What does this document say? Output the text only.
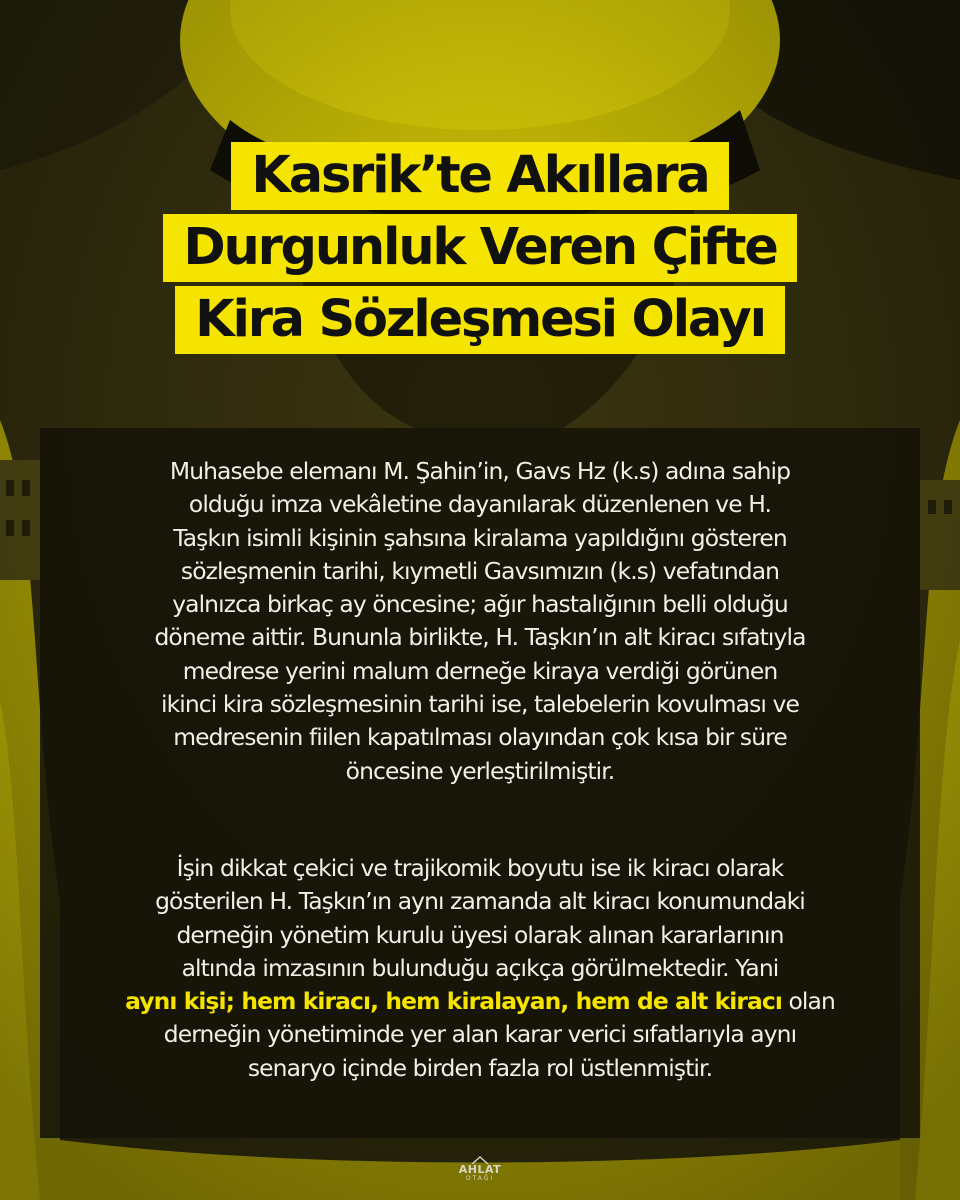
Kasrik’te Akıllara
Durgunluk Veren Çifte
Kira Sözleşmesi Olayı

Muhasebe elemanı M. Şahin’in, Gavs Hz (k.s) adına sahip
olduğu imza vekâletine dayanılarak düzenlenen ve H.
Taşkın isimli kişinin şahsına kiralama yapıldığını gösteren
sözleşmenin tarihi, kıymetli Gavsımızın (k.s) vefatından
yalnızca birkaç ay öncesine; ağır hastalığının belli olduğu
döneme aittir. Bununla birlikte, H. Taşkın’ın alt kiracı sıfatıyla
medrese yerini malum derneğe kiraya verdiği görünen
ikinci kira sözleşmesinin tarihi ise, talebelerin kovulması ve
medresenin fiilen kapatılması olayından çok kısa bir süre
öncesine yerleştirilmiştir.

İşin dikkat çekici ve trajikomik boyutu ise ik kiracı olarak
gösterilen H. Taşkın’ın aynı zamanda alt kiracı konumundaki
derneğin yönetim kurulu üyesi olarak alınan kararlarının
altında imzasının bulunduğu açıkça görülmektedir. Yani
aynı kişi; hem kiracı, hem kiralayan, hem de alt kiracı olan
derneğin yönetiminde yer alan karar verici sıfatlarıyla aynı
senaryo içinde birden fazla rol üstlenmiştir.

AHLAT
OTAĞI
